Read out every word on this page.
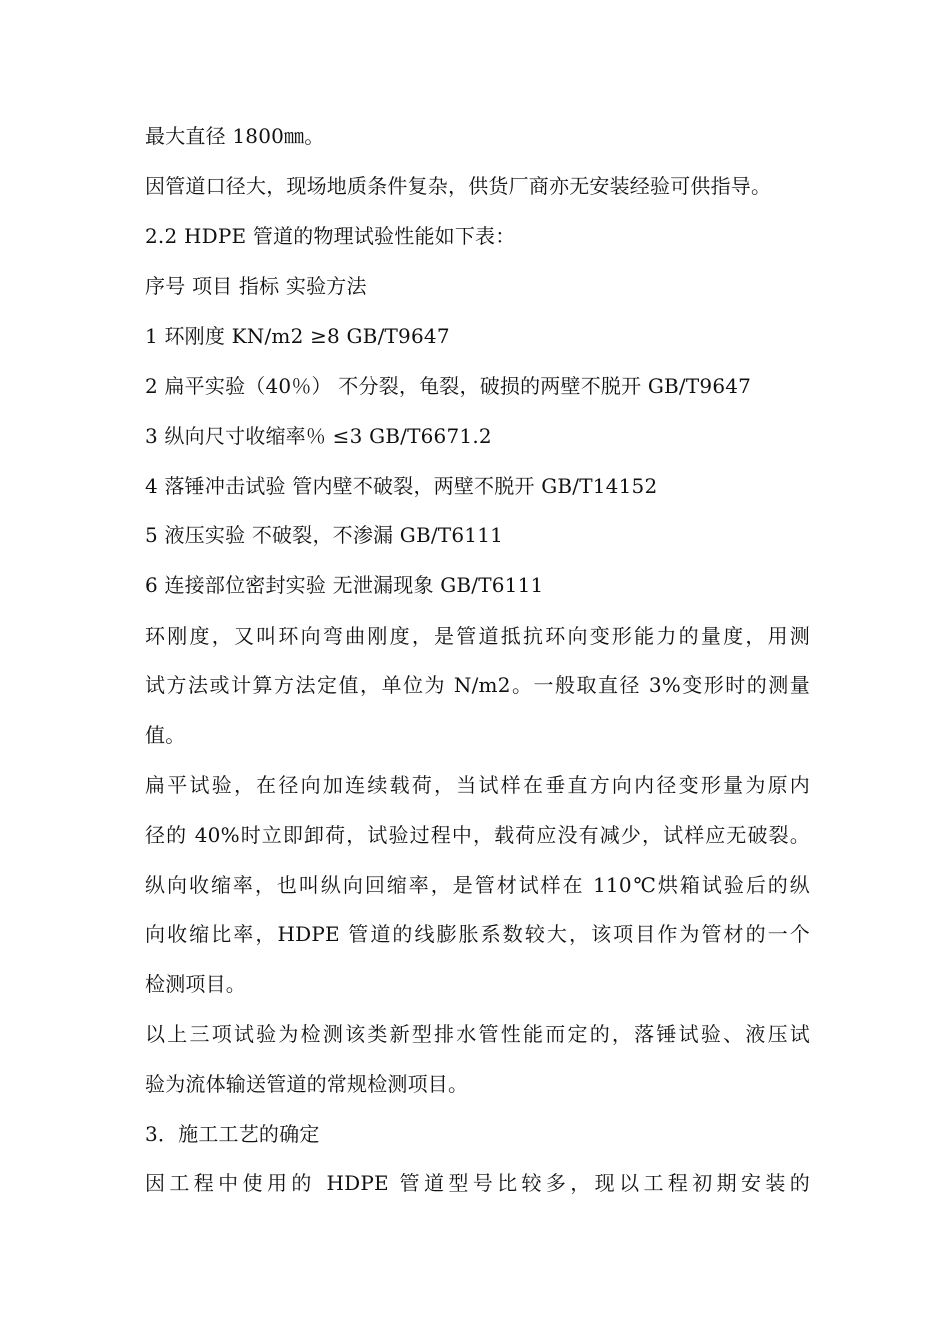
最大直径 1800㎜。
因管道口径大，现场地质条件复杂，供货厂商亦无安装经验可供指导。
2.2 HDPE 管道的物理试验性能如下表：
序号 项目 指标 实验方法
1 环刚度 KN/m2 ≥8 GB/T9647
2 扁平实验（40％） 不分裂，龟裂，破损的两壁不脱开 GB/T9647
3 纵向尺寸收缩率％ ≤3 GB/T6671.2
4 落锤冲击试验 管内壁不破裂，两壁不脱开 GB/T14152
5 液压实验 不破裂，不渗漏 GB/T6111
6 连接部位密封实验 无泄漏现象 GB/T6111
环刚度，又叫环向弯曲刚度，是管道抵抗环向变形能力的量度，用测
试方法或计算方法定值，单位为 N/m2。一般取直径 3%变形时的测量
值。
扁平试验，在径向加连续载荷，当试样在垂直方向内径变形量为原内
径的 40%时立即卸荷，试验过程中，载荷应没有减少，试样应无破裂。
纵向收缩率，也叫纵向回缩率，是管材试样在 110℃烘箱试验后的纵
向收缩比率，HDPE 管道的线膨胀系数较大，该项目作为管材的一个
检测项目。
以上三项试验为检测该类新型排水管性能而定的，落锤试验、液压试
验为流体输送管道的常规检测项目。
3．施工工艺的确定
因工程中使用的 HDPE 管道型号比较多，现以工程初期安装的
